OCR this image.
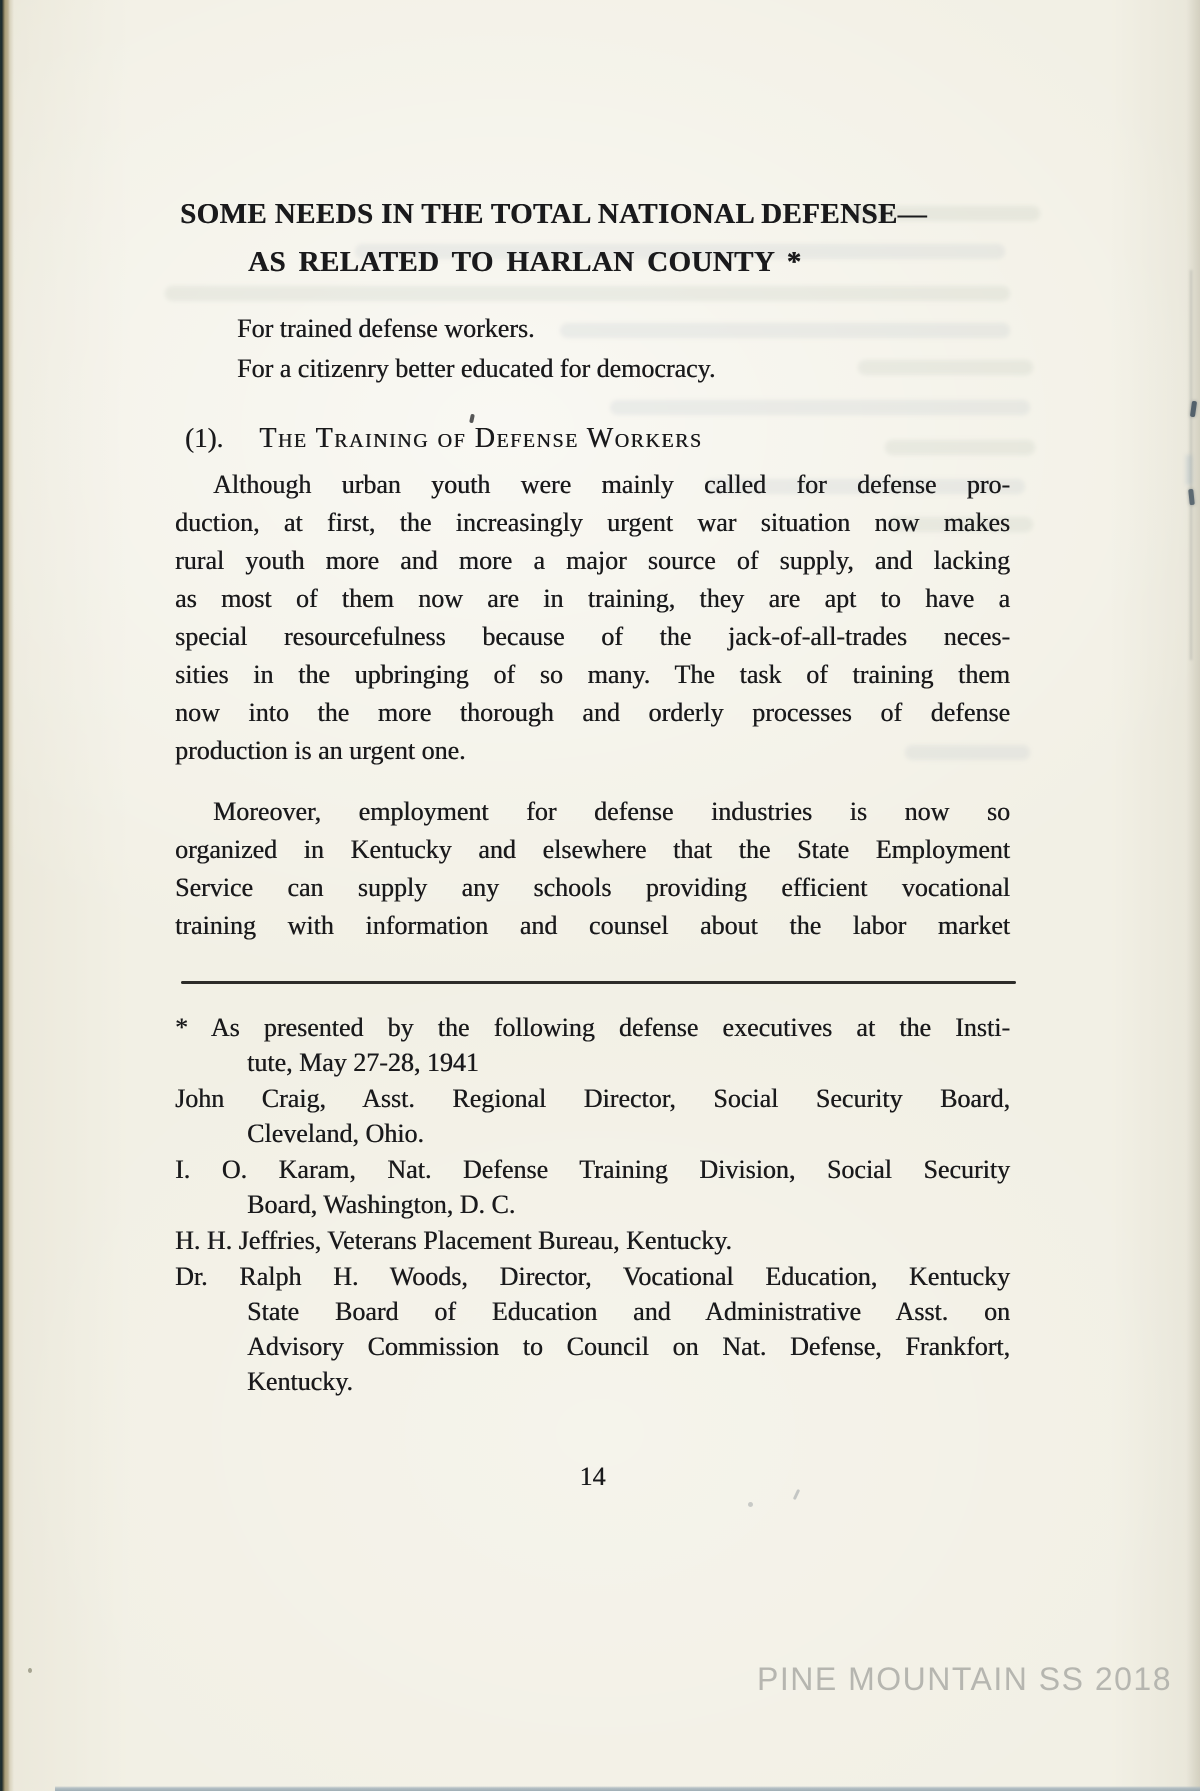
SOME NEEDS IN THE TOTAL NATIONAL DEFENSE—
AS RELATED TO HARLAN COUNTY *
For trained defense workers.
For a citizenry better educated for democracy.
(1). The Training of Defense Workers
Although urban youth were mainly called for defense pro-
duction, at first, the increasingly urgent war situation now makes
rural youth more and more a major source of supply, and lacking
as most of them now are in training, they are apt to have a
special resourcefulness because of the jack-of-all-trades neces-
sities in the upbringing of so many. The task of training them
now into the more thorough and orderly processes of defense
production is an urgent one.
Moreover, employment for defense industries is now so
organized in Kentucky and elsewhere that the State Employment
Service can supply any schools providing efficient vocational
training with information and counsel about the labor market
* As presented by the following defense executives at the Insti-
tute, May 27-28, 1941
John Craig, Asst. Regional Director, Social Security Board,
Cleveland, Ohio.
I. O. Karam, Nat. Defense Training Division, Social Security
Board, Washington, D. C.
H. H. Jeffries, Veterans Placement Bureau, Kentucky.
Dr. Ralph H. Woods, Director, Vocational Education, Kentucky
State Board of Education and Administrative Asst. on
Advisory Commission to Council on Nat. Defense, Frankfort,
Kentucky.
14
PINE MOUNTAIN SS 2018
